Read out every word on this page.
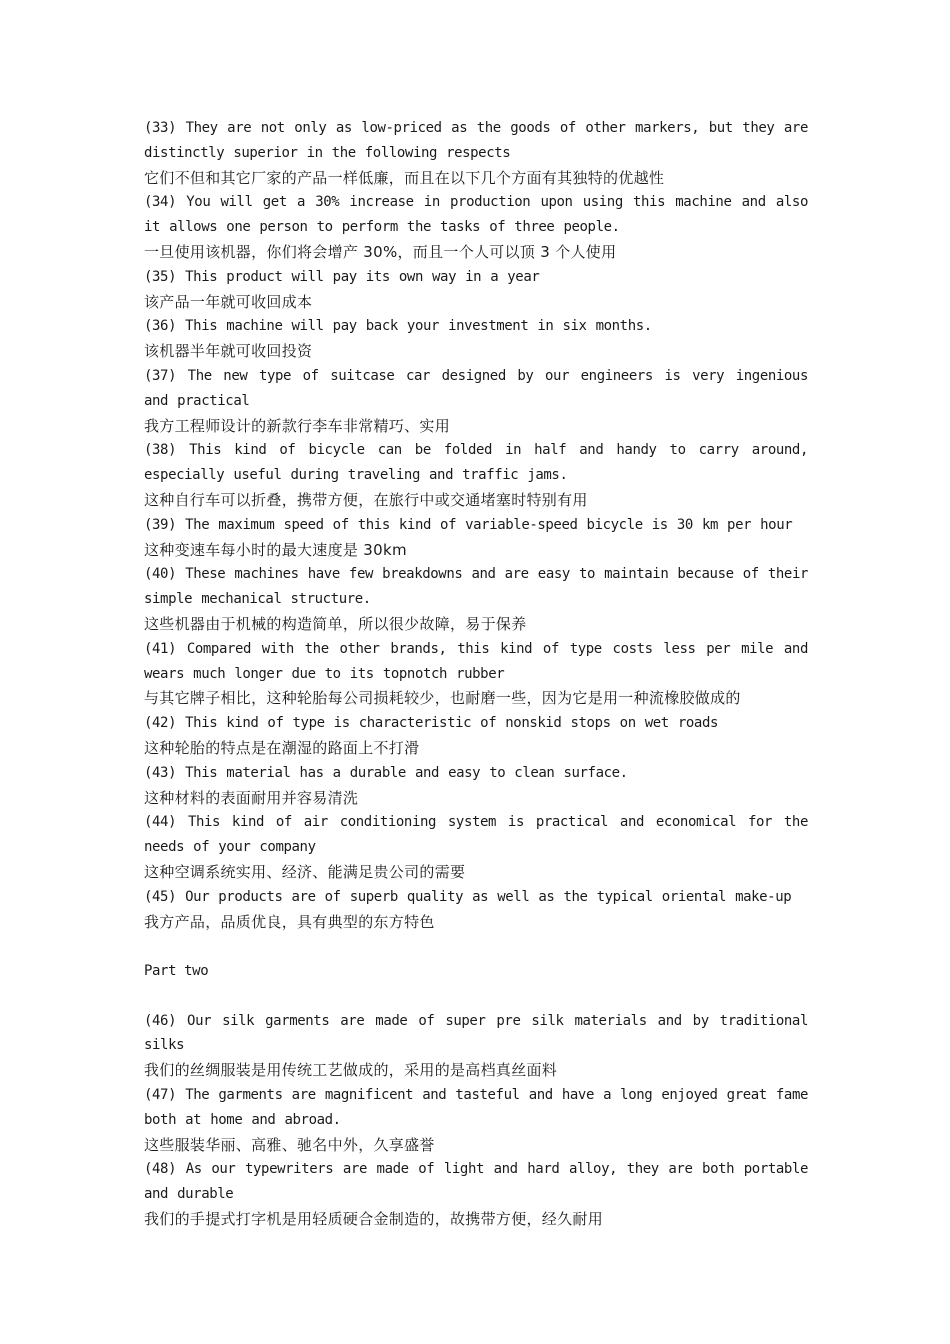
(33) They are not only as low-priced as the goods of other markers, but they are distinctly superior in the following respects
它们不但和其它厂家的产品一样低廉，而且在以下几个方面有其独特的优越性
(34) You will get a 30% increase in production upon using this machine and also it allows one person to perform the tasks of three people.
一旦使用该机器，你们将会增产 30%，而且一个人可以顶 3 个人使用
(35) This product will pay its own way in a year
该产品一年就可收回成本
(36) This machine will pay back your investment in six months.
该机器半年就可收回投资
(37) The new type of suitcase car designed by our engineers is very ingenious and practical
我方工程师设计的新款行李车非常精巧、实用
(38) This kind of bicycle can be folded in half and handy to carry around, especially useful during traveling and traffic jams.
这种自行车可以折叠，携带方便，在旅行中或交通堵塞时特别有用
(39) The maximum speed of this kind of variable-speed bicycle is 30 km per hour
这种变速车每小时的最大速度是 30km
(40) These machines have few breakdowns and are easy to maintain because of their simple mechanical structure.
这些机器由于机械的构造简单，所以很少故障，易于保养
(41) Compared with the other brands, this kind of type costs less per mile and wears much longer due to its topnotch rubber
与其它牌子相比，这种轮胎每公司损耗较少，也耐磨一些，因为它是用一种流橡胶做成的
(42) This kind of type is characteristic of nonskid stops on wet roads
这种轮胎的特点是在潮湿的路面上不打滑
(43) This material has a durable and easy to clean surface.
这种材料的表面耐用并容易清洗
(44) This kind of air conditioning system is practical and economical for the needs of your company
这种空调系统实用、经济、能满足贵公司的需要
(45) Our products are of superb quality as well as the typical oriental make-up
我方产品，品质优良，具有典型的东方特色
Part two
(46) Our silk garments are made of super pre silk materials and by traditional silks
我们的丝绸服装是用传统工艺做成的，采用的是高档真丝面料
(47) The garments are magnificent and tasteful and have a long enjoyed great fame both at home and abroad.
这些服装华丽、高雅、驰名中外，久享盛誉
(48) As our typewriters are made of light and hard alloy, they are both portable and durable
我们的手提式打字机是用轻质硬合金制造的，故携带方便，经久耐用
